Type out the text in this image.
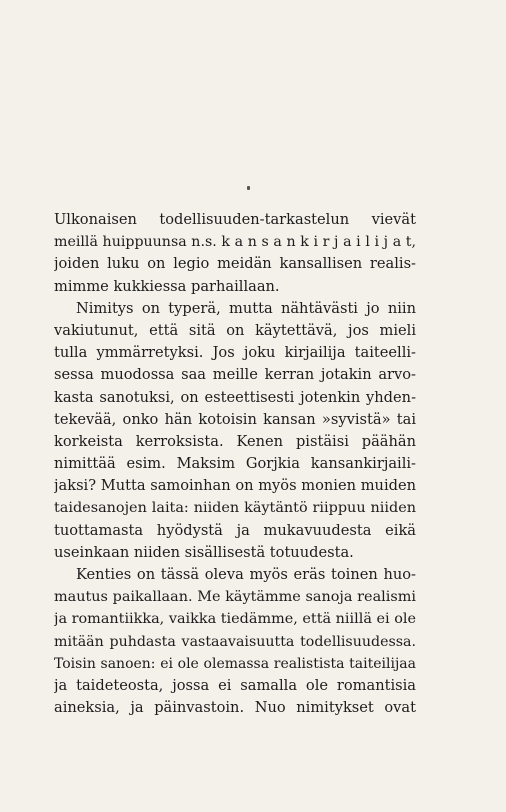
Ulkonaisen todellisuuden-tarkastelun vievät
meillä huippuunsa n.s. k a n s a n k i r j a i l i j a t,
joiden luku on legio meidän kansallisen realis-
mimme kukkiessa parhaillaan.
Nimitys on typerä, mutta nähtävästi jo niin
vakiutunut, että sitä on käytettävä, jos mieli
tulla ymmärretyksi. Jos joku kirjailija taiteelli-
sessa muodossa saa meille kerran jotakin arvo-
kasta sanotuksi, on esteettisesti jotenkin yhden-
tekevää, onko hän kotoisin kansan »syvistä» tai
korkeista kerroksista. Kenen pistäisi päähän
nimittää esim. Maksim Gorjkia kansankirjaili-
jaksi? Mutta samoinhan on myös monien muiden
taidesanojen laita: niiden käytäntö riippuu niiden
tuottamasta hyödystä ja mukavuudesta eikä
useinkaan niiden sisällisestä totuudesta.
Kenties on tässä oleva myös eräs toinen huo-
mautus paikallaan. Me käytämme sanoja realismi
ja romantiikka, vaikka tiedämme, että niillä ei ole
mitään puhdasta vastaavaisuutta todellisuudessa.
Toisin sanoen: ei ole olemassa realistista taiteilijaa
ja taideteosta, jossa ei samalla ole romantisia
aineksia, ja päinvastoin. Nuo nimitykset ovat
